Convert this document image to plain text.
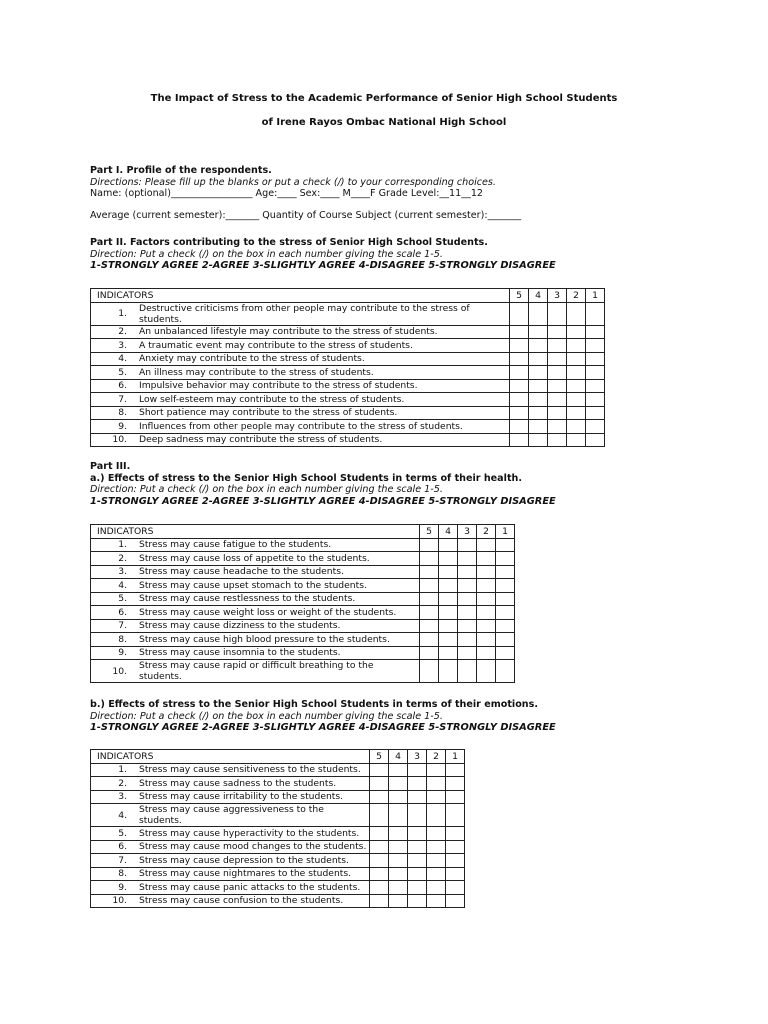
The Impact of Stress to the Academic Performance of Senior High School Students
of Irene Rayos Ombac National High School

Part I. Profile of the respondents.

Directions: Please fill up the blanks or put a check (/) to your corresponding choices.

Name: (optional)_________________ Age:____ Sex:____ M____F Grade Level:__11__12

Average (current semester):_______ Quantity of Course Subject (current semester):_______

Part II. Factors contributing to the stress of Senior High School Students.

Direction: Put a check (/) on the box in each number giving the scale 1-5.

1-STRONGLY AGREE 2-AGREE 3-SLIGHTLY AGREE 4-DISAGREE 5-STRONGLY DISAGREE

INDICATORS		5	4	3	2	1
1.	Destructive criticisms from other people may contribute to the stress of students.					
2.	An unbalanced lifestyle may contribute to the stress of students.					
3.	A traumatic event may contribute to the stress of students.					
4.	Anxiety may contribute to the stress of students.					
5.	An illness may contribute to the stress of students.					
6.	Impulsive behavior may contribute to the stress of students.					
7.	Low self-esteem may contribute to the stress of students.					
8.	Short patience may contribute to the stress of students.					
9.	Influences from other people may contribute to the stress of students.					
10.	Deep sadness may contribute the stress of students.					

Part III.

a.) Effects of stress to the Senior High School Students in terms of their health.

Direction: Put a check (/) on the box in each number giving the scale 1-5.

1-STRONGLY AGREE 2-AGREE 3-SLIGHTLY AGREE 4-DISAGREE 5-STRONGLY DISAGREE

INDICATORS		5	4	3	2	1
1.	Stress may cause fatigue to the students.					
2.	Stress may cause loss of appetite to the students.					
3.	Stress may cause headache to the students.					
4.	Stress may cause upset stomach to the students.					
5.	Stress may cause restlessness to the students.					
6.	Stress may cause weight loss or weight of the students.					
7.	Stress may cause dizziness to the students.					
8.	Stress may cause high blood pressure to the students.					
9.	Stress may cause insomnia to the students.					
10.	Stress may cause rapid or difficult breathing to the students.					

b.) Effects of stress to the Senior High School Students in terms of their emotions.

Direction: Put a check (/) on the box in each number giving the scale 1-5.

1-STRONGLY AGREE 2-AGREE 3-SLIGHTLY AGREE 4-DISAGREE 5-STRONGLY DISAGREE

INDICATORS		5	4	3	2	1
1.	Stress may cause sensitiveness to the students.					
2.	Stress may cause sadness to the students.					
3.	Stress may cause irritability to the students.					
4.	Stress may cause aggressiveness to the students.					
5.	Stress may cause hyperactivity to the students.					
6.	Stress may cause mood changes to the students.					
7.	Stress may cause depression to the students.					
8.	Stress may cause nightmares to the students.					
9.	Stress may cause panic attacks to the students.					
10.	Stress may cause confusion to the students.					
